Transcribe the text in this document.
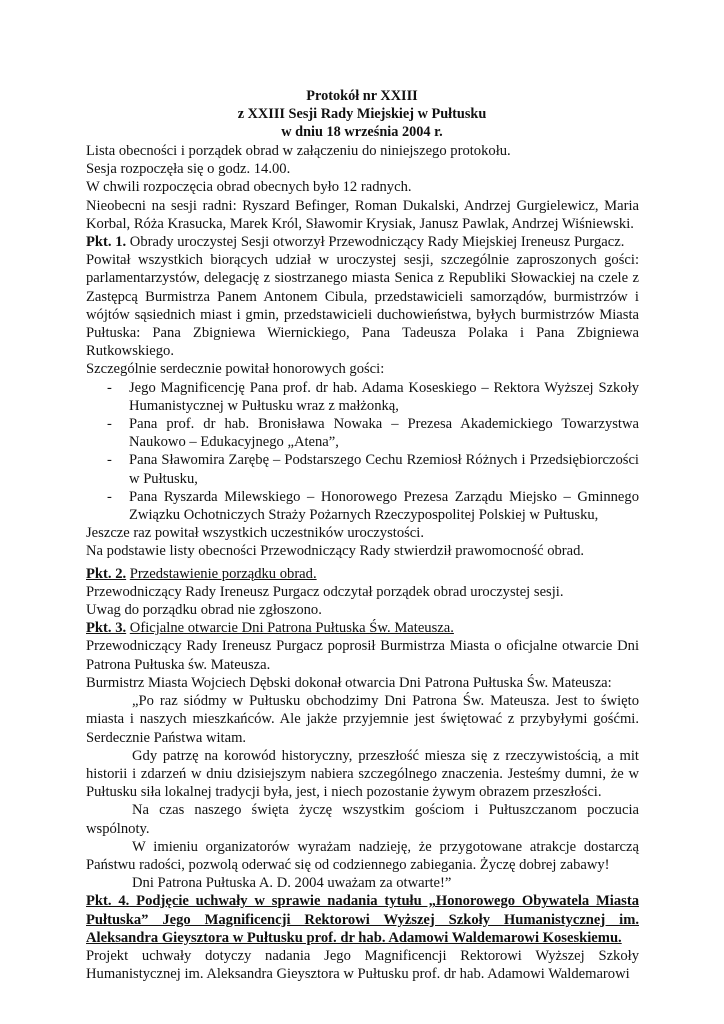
Protokół nr XXIII
z XXIII Sesji Rady Miejskiej w Pułtusku
w dniu 18 września 2004 r.

Lista obecności i porządek obrad w załączeniu do niniejszego protokołu.

Sesja rozpoczęła się o godz. 14.00.

W chwili rozpoczęcia obrad obecnych było 12 radnych.

Nieobecni na sesji radni: Ryszard Befinger, Roman Dukalski, Andrzej Gurgielewicz, Maria Korbal, Róża Krasucka, Marek Król, Sławomir Krysiak, Janusz Pawlak, Andrzej Wiśniewski.

Pkt. 1. Obrady uroczystej Sesji otworzył Przewodniczący Rady Miejskiej Ireneusz Purgacz.

Powitał wszystkich biorących udział w uroczystej sesji, szczególnie zaproszonych gości: parlamentarzystów, delegację z siostrzanego miasta Senica z Republiki Słowackiej na czele z Zastępcą Burmistrza Panem Antonem Cibula, przedstawicieli samorządów, burmistrzów i wójtów sąsiednich miast i gmin, przedstawicieli duchowieństwa, byłych burmistrzów Miasta Pułtuska: Pana Zbigniewa Wiernickiego, Pana Tadeusza Polaka i Pana Zbigniewa Rutkowskiego.

Szczególnie serdecznie powitał honorowych gości:

- Jego Magnificencję Pana prof. dr hab. Adama Koseskiego – Rektora Wyższej Szkoły Humanistycznej w Pułtusku wraz z małżonką,
- Pana prof. dr hab. Bronisława Nowaka – Prezesa Akademickiego Towarzystwa Naukowo – Edukacyjnego „Atena”,
- Pana Sławomira Zarębę – Podstarszego Cechu Rzemiosł Różnych i Przedsiębiorczości w Pułtusku,
- Pana Ryszarda Milewskiego – Honorowego Prezesa Zarządu Miejsko – Gminnego Związku Ochotniczych Straży Pożarnych Rzeczypospolitej Polskiej w Pułtusku,

Jeszcze raz powitał wszystkich uczestników uroczystości.

Na podstawie listy obecności Przewodniczący Rady stwierdził prawomocność obrad.

Pkt. 2. Przedstawienie porządku obrad.

Przewodniczący Rady Ireneusz Purgacz odczytał porządek obrad uroczystej sesji.

Uwag do porządku obrad nie zgłoszono.

Pkt. 3. Oficjalne otwarcie Dni Patrona Pułtuska Św. Mateusza.

Przewodniczący Rady Ireneusz Purgacz poprosił Burmistrza Miasta o oficjalne otwarcie Dni Patrona Pułtuska św. Mateusza.

Burmistrz Miasta Wojciech Dębski dokonał otwarcia Dni Patrona Pułtuska Św. Mateusza:

„Po raz siódmy w Pułtusku obchodzimy Dni Patrona Św. Mateusza. Jest to święto miasta i naszych mieszkańców. Ale jakże przyjemnie jest świętować z przybyłymi gośćmi. Serdecznie Państwa witam.

Gdy patrzę na korowód historyczny, przeszłość miesza się z rzeczywistością, a mit historii i zdarzeń w dniu dzisiejszym nabiera szczególnego znaczenia. Jesteśmy dumni, że w Pułtusku siła lokalnej tradycji była, jest, i niech pozostanie żywym obrazem przeszłości.

Na czas naszego święta życzę wszystkim gościom i Pułtuszczanom poczucia wspólnoty.

W imieniu organizatorów wyrażam nadzieję, że przygotowane atrakcje dostarczą Państwu radości, pozwolą oderwać się od codziennego zabiegania. Życzę dobrej zabawy!

Dni Patrona Pułtuska A. D. 2004 uważam za otwarte!”

Pkt. 4. Podjęcie uchwały w sprawie nadania tytułu „Honorowego Obywatela Miasta Pułtuska” Jego Magnificencji Rektorowi Wyższej Szkoły Humanistycznej im. Aleksandra Gieysztora w Pułtusku prof. dr hab. Adamowi Waldemarowi Koseskiemu.

Projekt uchwały dotyczy nadania Jego Magnificencji Rektorowi Wyższej Szkoły Humanistycznej im. Aleksandra Gieysztora w Pułtusku prof. dr hab. Adamowi Waldemarowi
